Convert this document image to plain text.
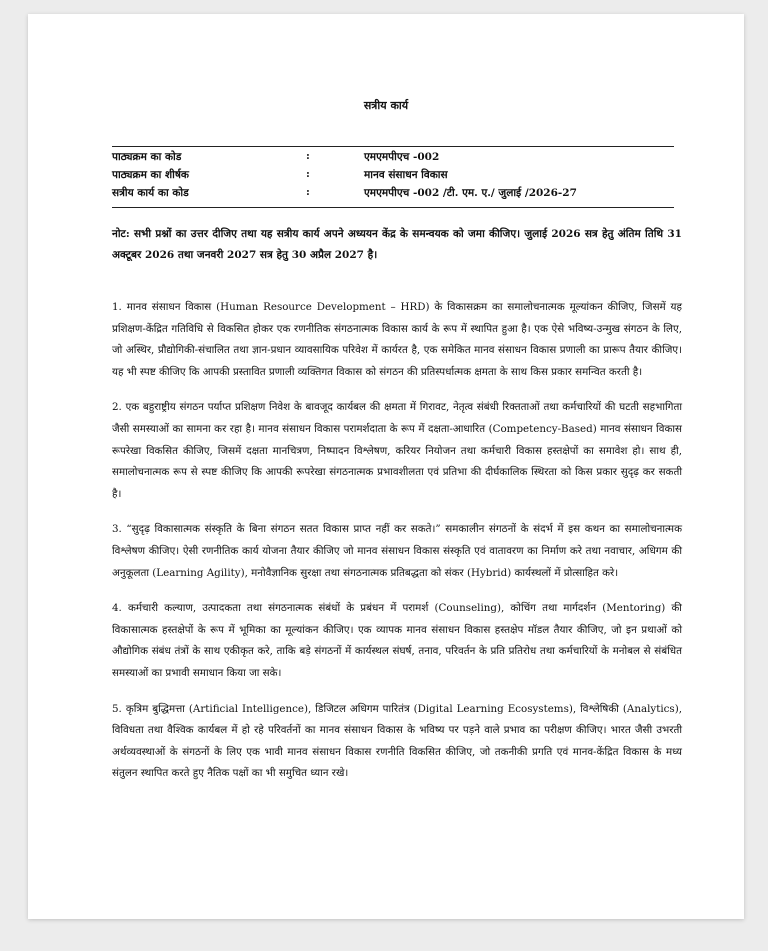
सत्रीय कार्य
पाठ्यक्रम का कोड	:	एमएमपीएच -002
पाठ्यक्रम का शीर्षक	:	मानव संसाधन विकास
सत्रीय कार्य का कोड	:	एमएमपीएच -002 /टी. एम. ए./ जुलाई /2026-27
नोट: सभी प्रश्नों का उत्तर दीजिए तथा यह सत्रीय कार्य अपने अध्ययन केंद्र के समन्वयक को जमा कीजिए। जुलाई 2026 सत्र हेतु अंतिम तिथि 31 अक्टूबर 2026 तथा जनवरी 2027 सत्र हेतु 30 अप्रैल 2027 है।
1. मानव संसाधन विकास (Human Resource Development – HRD) के विकासक्रम का समालोचनात्मक मूल्यांकन कीजिए, जिसमें यह प्रशिक्षण-केंद्रित गतिविधि से विकसित होकर एक रणनीतिक संगठनात्मक विकास कार्य के रूप में स्थापित हुआ है। एक ऐसे भविष्य-उन्मुख संगठन के लिए, जो अस्थिर, प्रौद्योगिकी-संचालित तथा ज्ञान-प्रधान व्यावसायिक परिवेश में कार्यरत है, एक समेकित मानव संसाधन विकास प्रणाली का प्रारूप तैयार कीजिए। यह भी स्पष्ट कीजिए कि आपकी प्रस्तावित प्रणाली व्यक्तिगत विकास को संगठन की प्रतिस्पर्धात्मक क्षमता के साथ किस प्रकार समन्वित करती है।
2. एक बहुराष्ट्रीय संगठन पर्याप्त प्रशिक्षण निवेश के बावजूद कार्यबल की क्षमता में गिरावट, नेतृत्व संबंधी रिक्तताओं तथा कर्मचारियों की घटती सहभागिता जैसी समस्याओं का सामना कर रहा है। मानव संसाधन विकास परामर्शदाता के रूप में दक्षता-आधारित (Competency-Based) मानव संसाधन विकास रूपरेखा विकसित कीजिए, जिसमें दक्षता मानचित्रण, निष्पादन विश्लेषण, करियर नियोजन तथा कर्मचारी विकास हस्तक्षेपों का समावेश हो। साथ ही, समालोचनात्मक रूप से स्पष्ट कीजिए कि आपकी रूपरेखा संगठनात्मक प्रभावशीलता एवं प्रतिभा की दीर्घकालिक स्थिरता को किस प्रकार सुदृढ़ कर सकती है।
3. “सुदृढ़ विकासात्मक संस्कृति के बिना संगठन सतत विकास प्राप्त नहीं कर सकते।” समकालीन संगठनों के संदर्भ में इस कथन का समालोचनात्मक विश्लेषण कीजिए। ऐसी रणनीतिक कार्य योजना तैयार कीजिए जो मानव संसाधन विकास संस्कृति एवं वातावरण का निर्माण करे तथा नवाचार, अधिगम की अनुकूलता (Learning Agility), मनोवैज्ञानिक सुरक्षा तथा संगठनात्मक प्रतिबद्धता को संकर (Hybrid) कार्यस्थलों में प्रोत्साहित करे।
4. कर्मचारी कल्याण, उत्पादकता तथा संगठनात्मक संबंधों के प्रबंधन में परामर्श (Counseling), कोचिंग तथा मार्गदर्शन (Mentoring) की विकासात्मक हस्तक्षेपों के रूप में भूमिका का मूल्यांकन कीजिए। एक व्यापक मानव संसाधन विकास हस्तक्षेप मॉडल तैयार कीजिए, जो इन प्रथाओं को औद्योगिक संबंध तंत्रों के साथ एकीकृत करे, ताकि बड़े संगठनों में कार्यस्थल संघर्ष, तनाव, परिवर्तन के प्रति प्रतिरोध तथा कर्मचारियों के मनोबल से संबंधित समस्याओं का प्रभावी समाधान किया जा सके।
5. कृत्रिम बुद्धिमत्ता (Artificial Intelligence), डिजिटल अधिगम पारितंत्र (Digital Learning Ecosystems), विश्लेषिकी (Analytics), विविधता तथा वैश्विक कार्यबल में हो रहे परिवर्तनों का मानव संसाधन विकास के भविष्य पर पड़ने वाले प्रभाव का परीक्षण कीजिए। भारत जैसी उभरती अर्थव्यवस्थाओं के संगठनों के लिए एक भावी मानव संसाधन विकास रणनीति विकसित कीजिए, जो तकनीकी प्रगति एवं मानव-केंद्रित विकास के मध्य संतुलन स्थापित करते हुए नैतिक पक्षों का भी समुचित ध्यान रखे।
